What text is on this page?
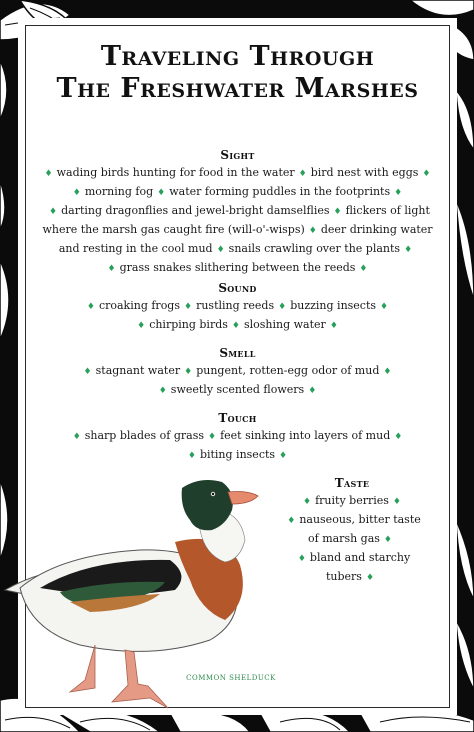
Traveling Through
The Freshwater Marshes
Sight
♦ wading birds hunting for food in the water ♦ bird nest with eggs ♦
♦ morning fog ♦ water forming puddles in the footprints ♦
♦ darting dragonflies and jewel-bright damselflies ♦ flickers of light
where the marsh gas caught fire (will-o'-wisps) ♦ deer drinking water
and resting in the cool mud ♦ snails crawling over the plants ♦
♦ grass snakes slithering between the reeds ♦
Sound
♦ croaking frogs ♦ rustling reeds ♦ buzzing insects ♦
♦ chirping birds ♦ sloshing water ♦
Smell
♦ stagnant water ♦ pungent, rotten-egg odor of mud ♦
♦ sweetly scented flowers ♦
Touch
♦ sharp blades of grass ♦ feet sinking into layers of mud ♦
♦ biting insects ♦
Taste
♦ fruity berries ♦
♦ nauseous, bitter taste
of marsh gas ♦
♦ bland and starchy
tubers ♦
COMMON SHELDUCK
